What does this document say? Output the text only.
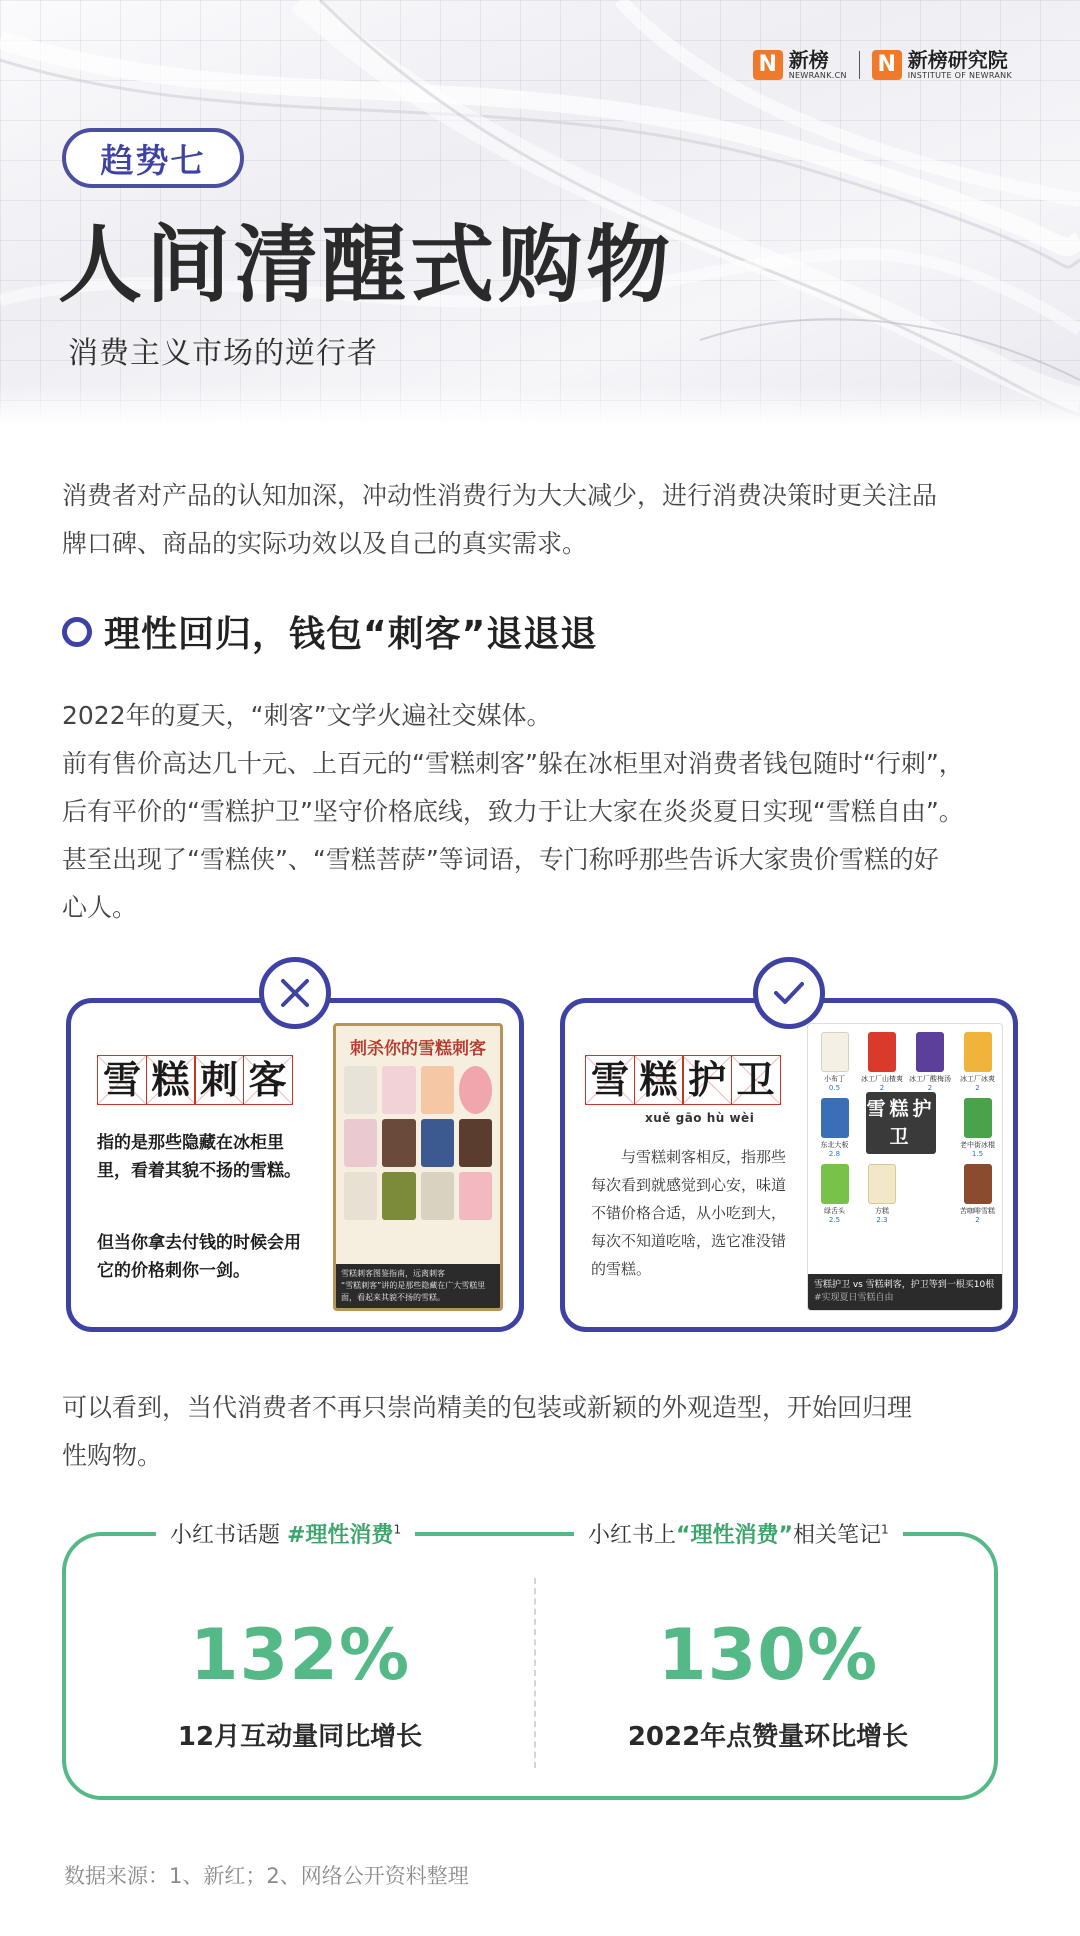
N 新榜
NEWRANK.CN N 新榜研究院
INSTITUTE OF NEWRANK
趋势七
人间清醒式购物
消费主义市场的逆行者
消费者对产品的认知加深，冲动性消费行为大大减少，进行消费决策时更关注品
牌口碑、商品的实际功效以及自己的真实需求。
理性回归，钱包“刺客”退退退
2022年的夏天，“刺客”文学火遍社交媒体。
前有售价高达几十元、上百元的“雪糕刺客”躲在冰柜里对消费者钱包随时“行刺”，
后有平价的“雪糕护卫”坚守价格底线，致力于让大家在炎炎夏日实现“雪糕自由”。
甚至出现了“雪糕侠”、“雪糕菩萨”等词语，专门称呼那些告诉大家贵价雪糕的好
心人。
雪 糕 刺 客
指的是那些隐藏在冰柜里里，看着其貌不扬的雪糕。
但当你拿去付钱的时候会用它的价格刺你一剑。
刺杀你的雪糕刺客
雪糕刺客图鉴指南，远离刺客
“雪糕刺客”讲的是那些隐藏在广大雪糕里面，看起来其貌不扬的雪糕。
雪 糕 护 卫
xuě gāo hù wèi
与雪糕刺客相反，指那些每次看到就感觉到心安，味道不错价格合适，从小吃到大，每次不知道吃啥，选它准没错的雪糕。
小布丁
0.5
冰工厂山楂爽
2
冰工厂酸梅汤
2
冰工厂冰爽
2
东北大板
2.8
老中街冰棍
1.5
绿舌头
2.5
方糕
2.3
苦咖啡雪糕
2
雪糕护卫
雪糕护卫 vs 雪糕刺客，护卫等到一根买10根
#实现夏日雪糕自由
可以看到，当代消费者不再只崇尚精美的包装或新颖的外观造型，开始回归理
性购物。
小红书话题 #理性消费$^1$	小红书上“理性消费”相关笔记$^1$
132%
12月互动量同比增长
130%
2022年点赞量环比增长
数据来源：1、新红；2、网络公开资料整理
